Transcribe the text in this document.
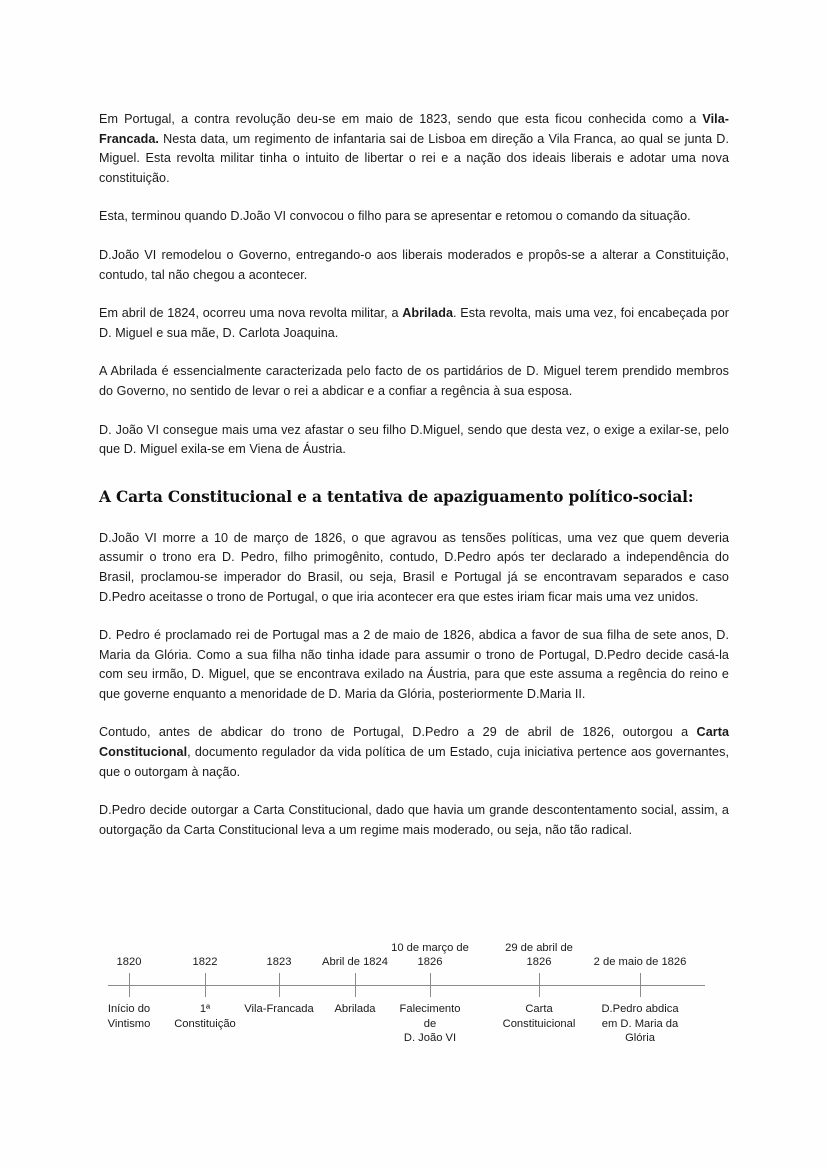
Em Portugal, a contra revolução deu-se em maio de 1823, sendo que esta ficou conhecida como a Vila-Francada. Nesta data, um regimento de infantaria sai de Lisboa em direção a Vila Franca, ao qual se junta D. Miguel. Esta revolta militar tinha o intuito de libertar o rei e a nação dos ideais liberais e adotar uma nova constituição.

Esta, terminou quando D.João VI convocou o filho para se apresentar e retomou o comando da situação.

D.João VI remodelou o Governo, entregando-o aos liberais moderados e propôs-se a alterar a Constituição, contudo, tal não chegou a acontecer.

Em abril de 1824, ocorreu uma nova revolta militar, a Abrilada. Esta revolta, mais uma vez, foi encabeçada por D. Miguel e sua mãe, D. Carlota Joaquina.

A Abrilada é essencialmente caracterizada pelo facto de os partidários de D. Miguel terem prendido membros do Governo, no sentido de levar o rei a abdicar e a confiar a regência à sua esposa.

D. João VI consegue mais uma vez afastar o seu filho D.Miguel, sendo que desta vez, o exige a exilar-se, pelo que D. Miguel exila-se em Viena de Áustria.

A Carta Constitucional e a tentativa de apaziguamento político-social:

D.João VI morre a 10 de março de 1826, o que agravou as tensões políticas, uma vez que quem deveria assumir o trono era D. Pedro, filho primogênito, contudo, D.Pedro após ter declarado a independência do Brasil, proclamou-se imperador do Brasil, ou seja, Brasil e Portugal já se encontravam separados e caso D.Pedro aceitasse o trono de Portugal, o que iria acontecer era que estes iriam ficar mais uma vez unidos.

D. Pedro é proclamado rei de Portugal mas a 2 de maio de 1826, abdica a favor de sua filha de sete anos, D. Maria da Glória. Como a sua filha não tinha idade para assumir o trono de Portugal, D.Pedro decide casá-la com seu irmão, D. Miguel, que se encontrava exilado na Áustria, para que este assuma a regência do reino e que governe enquanto a menoridade de D. Maria da Glória, posteriormente D.Maria II.

Contudo, antes de abdicar do trono de Portugal, D.Pedro a 29 de abril de 1826, outorgou a Carta Constitucional, documento regulador da vida política de um Estado, cuja iniciativa pertence aos governantes, que o outorgam à nação.

D.Pedro decide outorgar a Carta Constitucional, dado que havia um grande descontentamento social, assim, a outorgação da Carta Constitucional leva a um regime mais moderado, ou seja, não tão radical.

1820
Início do
Vintismo
1822
1ª
Constituição
1823
Vila-Francada
Abril de 1824
Abrilada
10 de março de
1826
Falecimento
de
D. João VI
29 de abril de
1826
Carta
Constituicional
2 de maio de 1826
D.Pedro abdica
em D. Maria da
Glória
